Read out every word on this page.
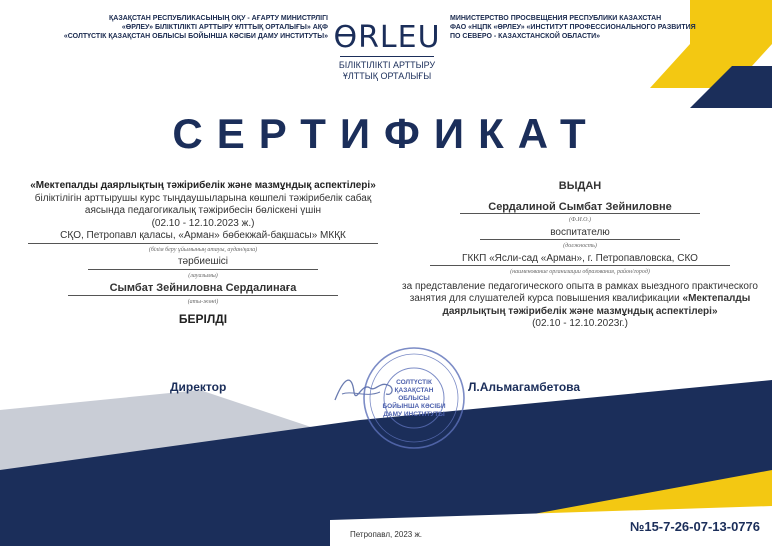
ҚАЗАҚСТАН РЕСПУБЛИКАСЫНЫҢ ОҚУ - АҒАРТУ МИНИСТРЛІГІ
«ӨРЛЕУ» БІЛІКТІЛІКТІ АРТТЫРУ ҰЛТТЫҚ ОРТАЛЫҒЫ» АҚФ
«СОЛТҮСТІК ҚАЗАҚСТАН ОБЛЫСЫ БОЙЫНША КӘСІБИ ДАМУ ИНСТИТУТЫ» ӨRLEU
БІЛІКТІЛІКТІ АРТТЫРУ
ҰЛТТЫҚ ОРТАЛЫҒЫ
МИНИСТЕРСТВО ПРОСВЕЩЕНИЯ РЕСПУБЛИКИ КАЗАХСТАН
ФАО «НЦПК «ӨРЛЕУ» «ИНСТИТУТ ПРОФЕССИОНАЛЬНОГО РАЗВИТИЯ
ПО СЕВЕРО - КАЗАХСТАНСКОЙ ОБЛАСТИ»
СЕРТИФИКАТ
«Мектепалды даярлықтың тәжірибелік және мазмұндық аспектілері» біліктілігін арттырушы курс тыңдаушыларына көшпелі тәжірибелік сабақ аясында педагогикалық тәжірибесін бөлiскенi үшін
(02.10 - 12.10.2023 ж.)
СҚО, Петропавл қаласы, «Арман» бөбекжай-бақшасы» МКҚК
(білім беру ұйымының атауы, аудан/қала)
тәрбиешісі
(лауазымы)
Сымбат Зейниловна Сердалинаға
(аты-жөні)
БЕРІЛДІ
ВЫДАН
Сердалиной Сымбат Зейниловне
(Ф.И.О.)
воспитателю
(должность)
ГККП «Ясли-сад «Арман», г. Петропавловска, СКО
(наименование организации образования, район/город)
за представление педагогического опыта в рамках выездного практического занятия для слушателей курса повышения квалификации «Мектепалды даярлықтың тәжірибелік және мазмұндық аспектілері»
(02.10 - 12.10.2023г.)
Директор	Л.Альмагамбетова
СОЛТҮСТІК
ҚАЗАҚСТАН ОБЛЫСЫ
БОЙЫНША КӘСІБИ
ДАМУ ИНСТИТУТЫ
Петропавл, 2023 ж.
№15-7-26-07-13-0776
